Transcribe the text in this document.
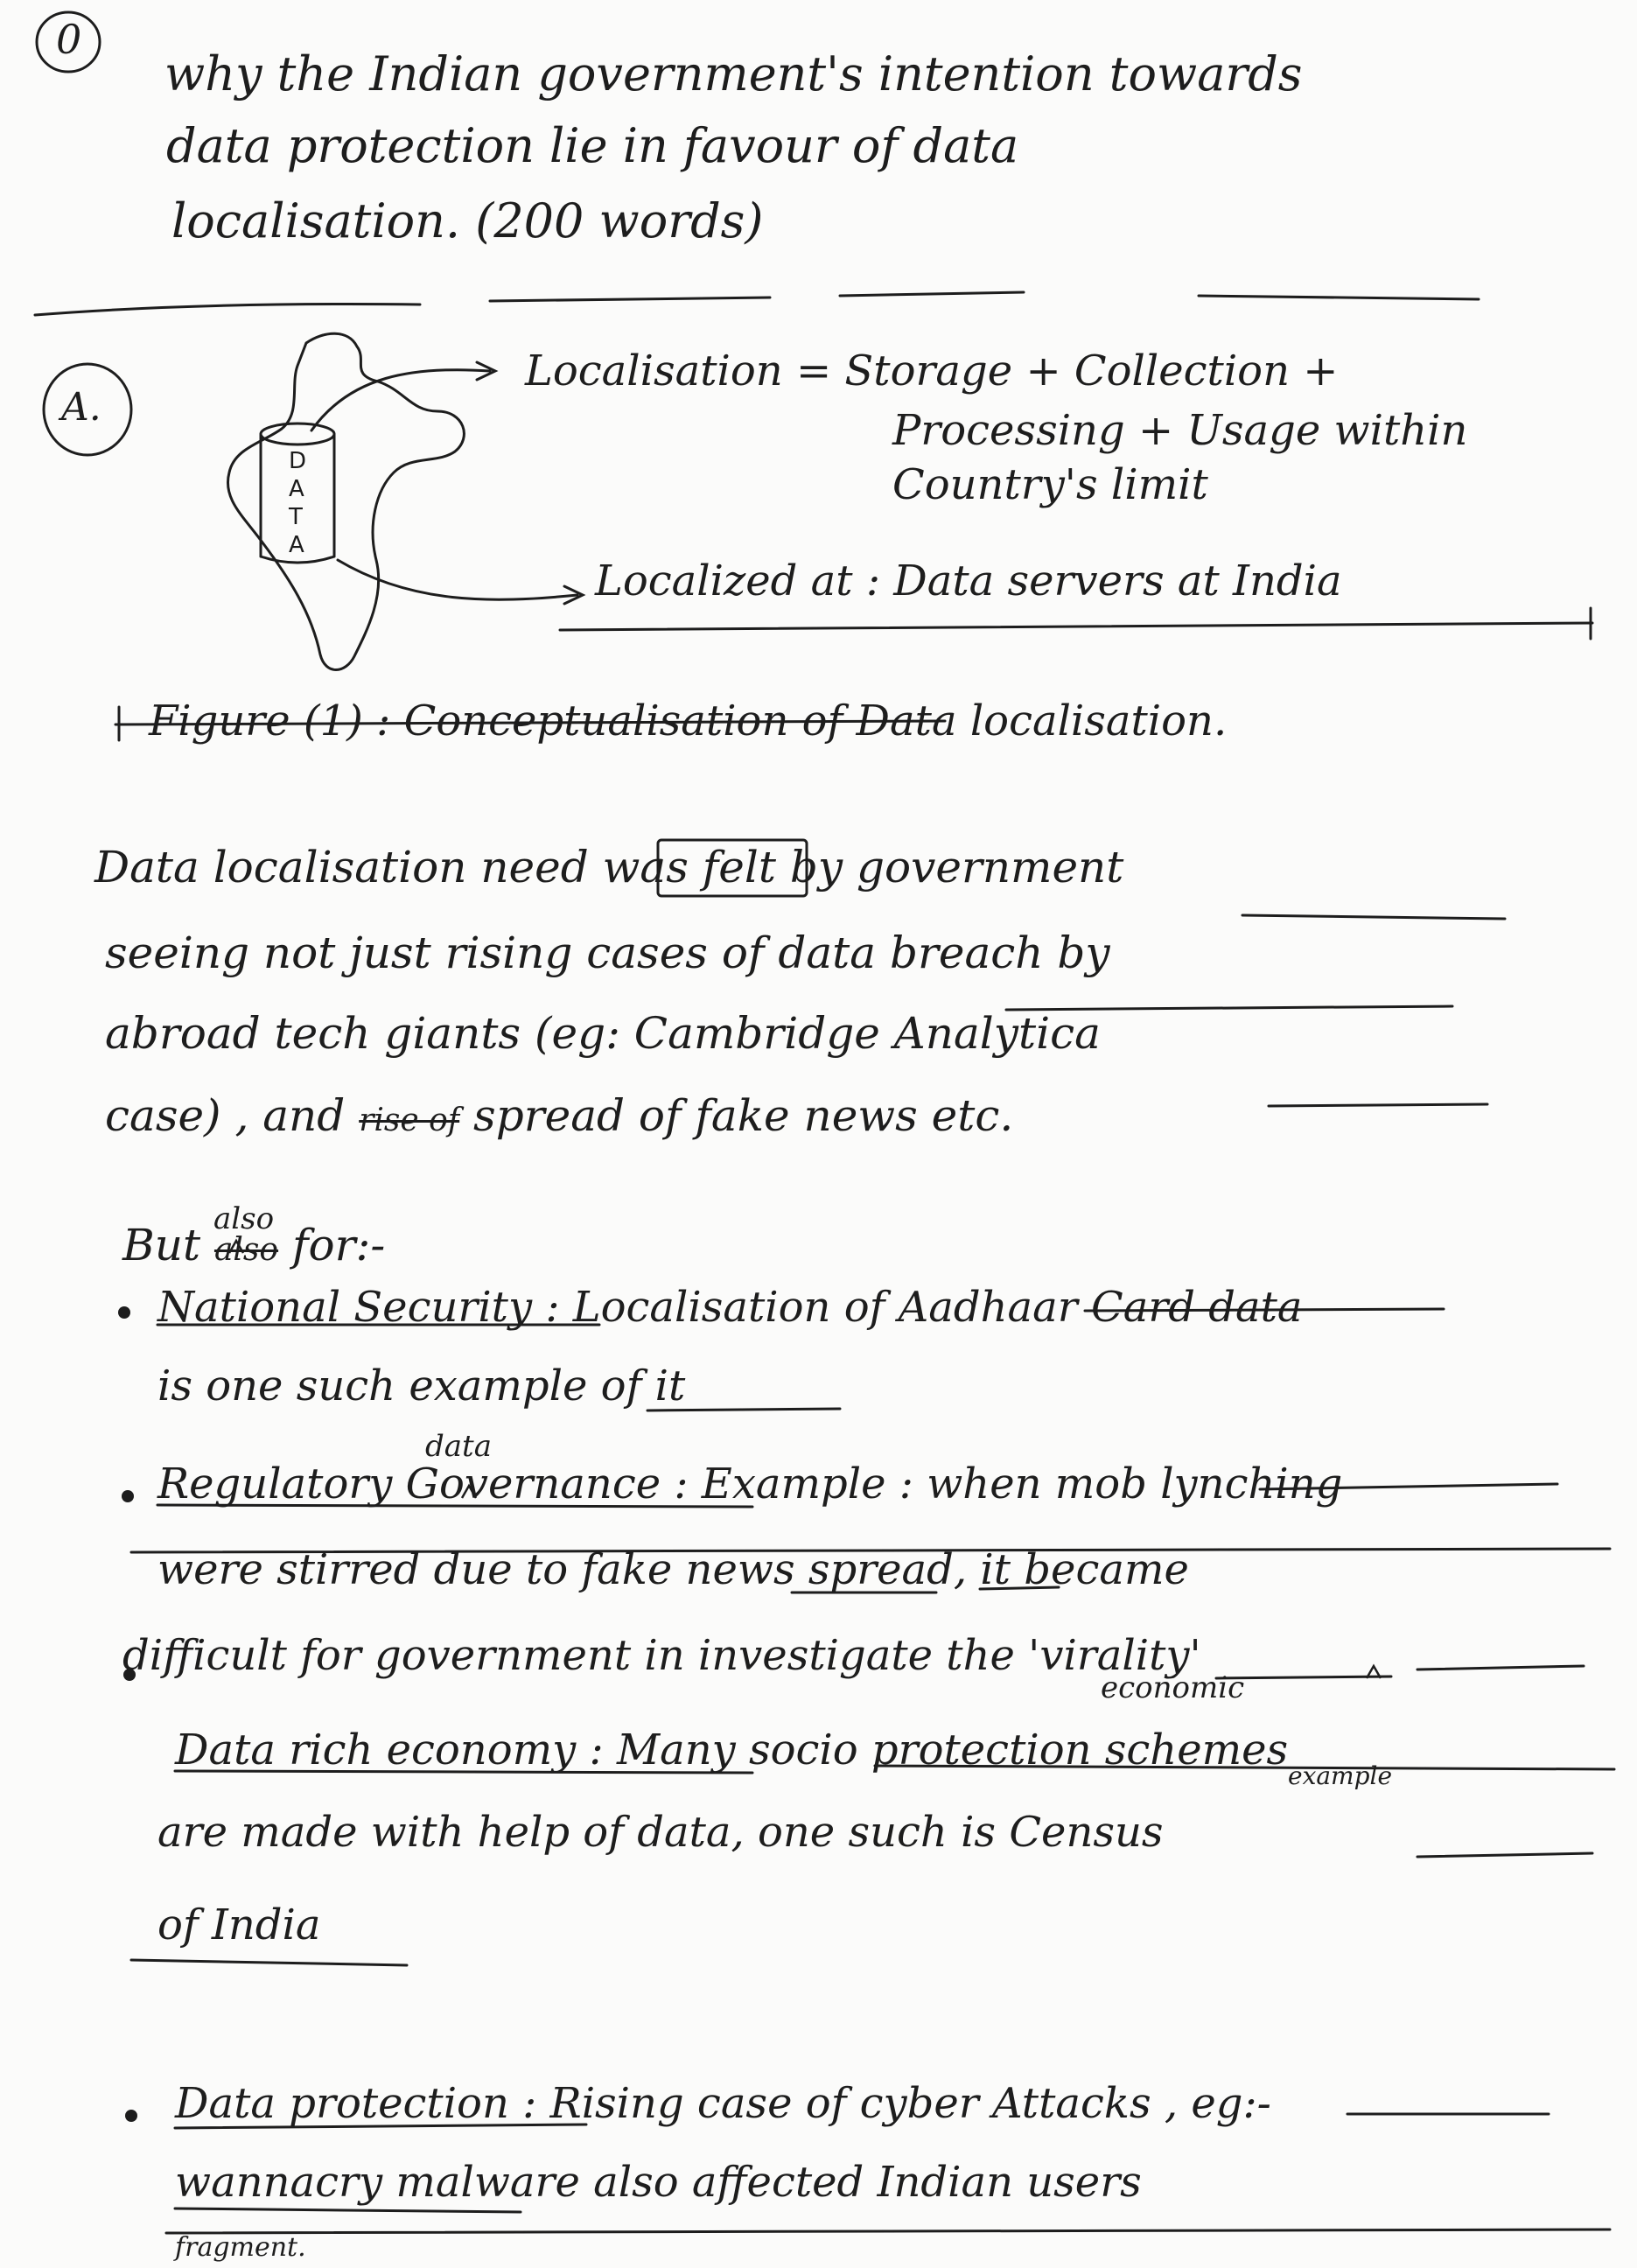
0
why the Indian government's intention towards
data protection lie in favour of data
localisation. (200 words)
A.
D
A
T
A
Localisation = Storage + Collection +
Processing + Usage within
Country's limit
Localized at : Data servers at India
Figure (1) : Conceptualisation of Data localisation.
Data localisation need was felt by government
seeing not just rising cases of data breach by
abroad tech giants (eg: Cambridge Analytica
case) , and rise of spread of fake news etc.
also
But also for:-
National Security : Localisation of Aadhaar Card data
is one such example of it
data
Regulatory Governance : Example : when mob lynching
were stirred due to fake news spread, it became
difficult for government in investigate the 'virality'
economic
Data rich economy : Many socio protection schemes
example
are made with help of data, one such is Census
of India
Data protection : Rising case of cyber Attacks , eg:-
wannacry malware also affected Indian users
fragment.
